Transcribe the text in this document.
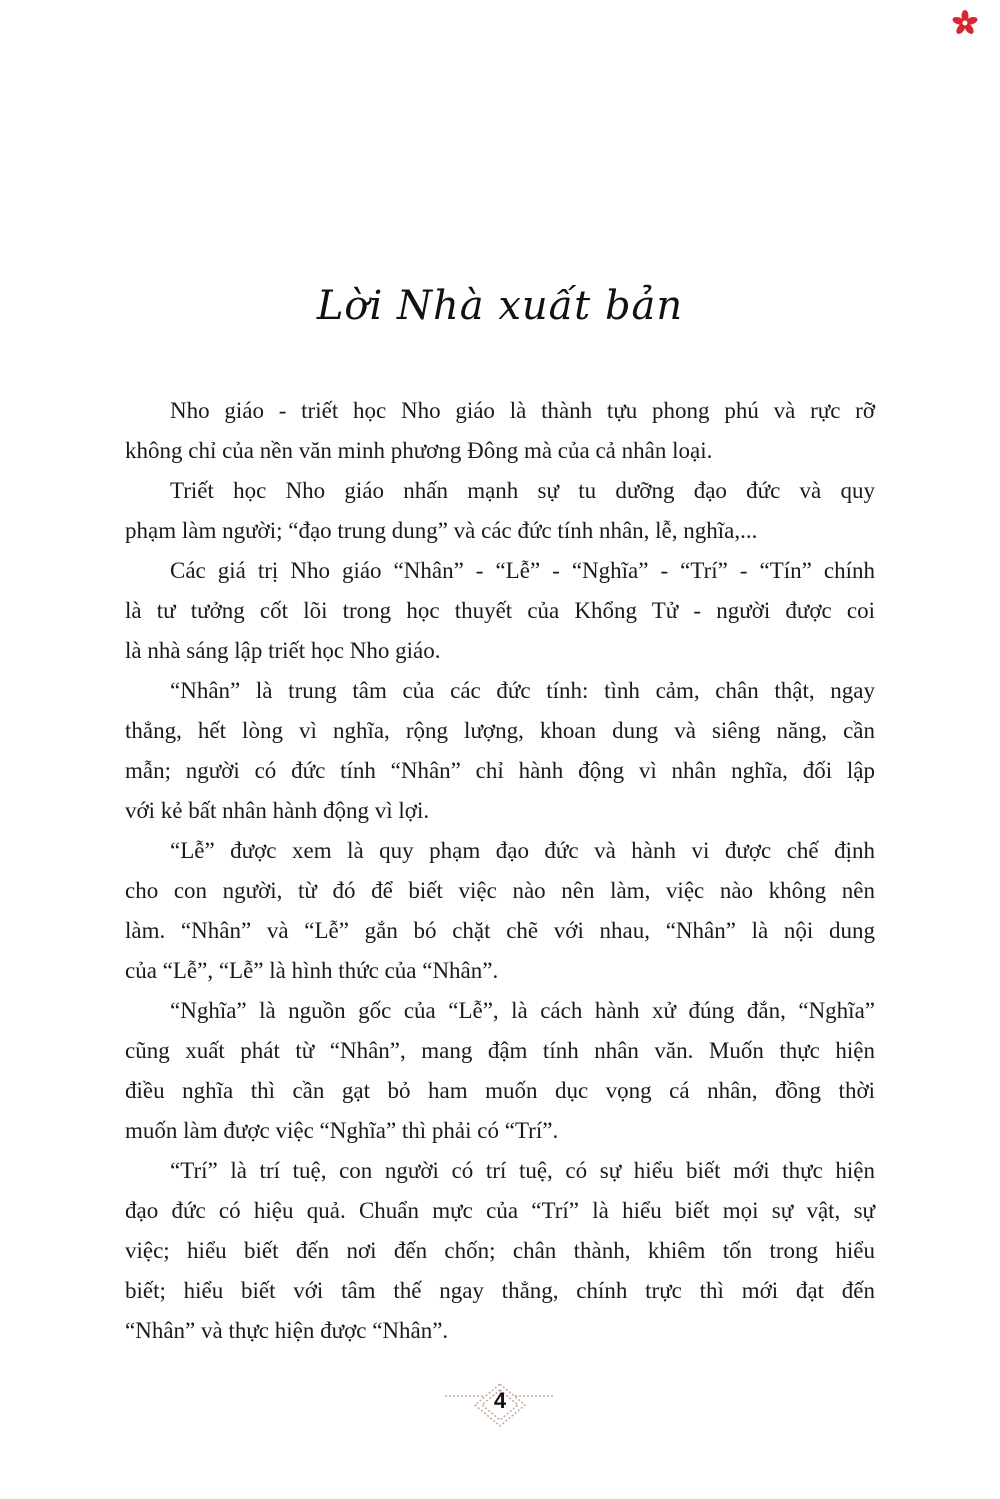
Lời Nhà xuất bản
Nho giáo - triết học Nho giáo là thành tựu phong phú và rực rỡ
không chỉ của nền văn minh phương Đông mà của cả nhân loại.
Triết học Nho giáo nhấn mạnh sự tu dưỡng đạo đức và quy
phạm làm người; “đạo trung dung” và các đức tính nhân, lễ, nghĩa,...
Các giá trị Nho giáo “Nhân” - “Lễ” - “Nghĩa” - “Trí” - “Tín” chính
là tư tưởng cốt lõi trong học thuyết của Khổng Tử - người được coi
là nhà sáng lập triết học Nho giáo.
“Nhân” là trung tâm của các đức tính: tình cảm, chân thật, ngay
thẳng, hết lòng vì nghĩa, rộng lượng, khoan dung và siêng năng, cần
mẫn; người có đức tính “Nhân” chỉ hành động vì nhân nghĩa, đối lập
với kẻ bất nhân hành động vì lợi.
“Lễ” được xem là quy phạm đạo đức và hành vi được chế định
cho con người, từ đó để biết việc nào nên làm, việc nào không nên
làm. “Nhân” và “Lễ” gắn bó chặt chẽ với nhau, “Nhân” là nội dung
của “Lễ”, “Lễ” là hình thức của “Nhân”.
“Nghĩa” là nguồn gốc của “Lễ”, là cách hành xử đúng đắn, “Nghĩa”
cũng xuất phát từ “Nhân”, mang đậm tính nhân văn. Muốn thực hiện
điều nghĩa thì cần gạt bỏ ham muốn dục vọng cá nhân, đồng thời
muốn làm được việc “Nghĩa” thì phải có “Trí”.
“Trí” là trí tuệ, con người có trí tuệ, có sự hiểu biết mới thực hiện
đạo đức có hiệu quả. Chuẩn mực của “Trí” là hiểu biết mọi sự vật, sự
việc; hiểu biết đến nơi đến chốn; chân thành, khiêm tốn trong hiểu
biết; hiểu biết với tâm thế ngay thẳng, chính trực thì mới đạt đến
“Nhân” và thực hiện được “Nhân”.
4
